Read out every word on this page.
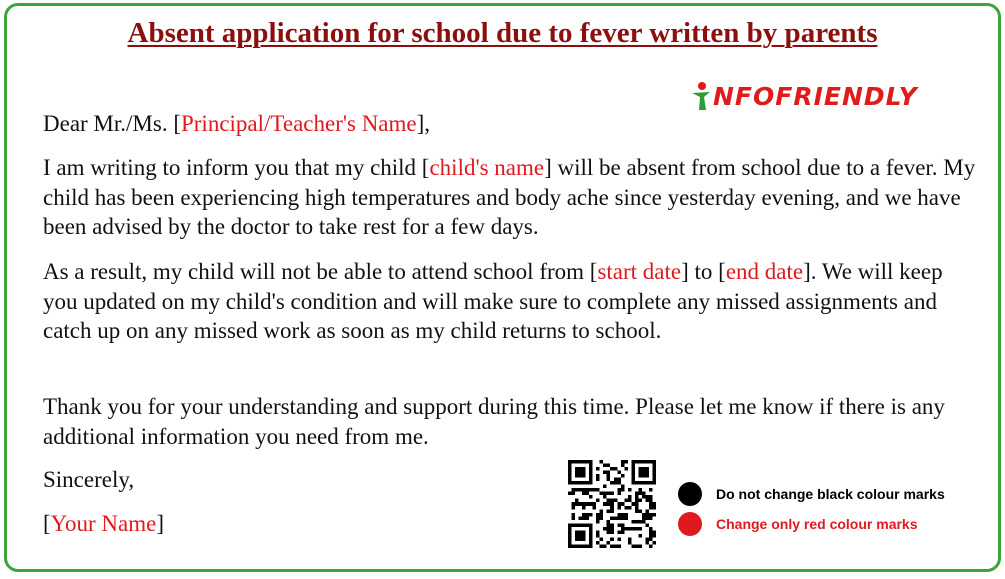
Absent application for school due to fever written by parents
NFOFRIENDLY
Dear Mr./Ms. [Principal/Teacher's Name],
I am writing to inform you that my child [child's name] will be absent from school due to a fever. My child has been experiencing high temperatures and body ache since yesterday evening, and we have been advised by the doctor to take rest for a few days.
As a result, my child will not be able to attend school from [start date] to [end date]. We will keep you updated on my child's condition and will make sure to complete any missed assignments and catch up on any missed work as soon as my child returns to school.
Thank you for your understanding and support during this time. Please let me know if there is any additional information you need from me.
Sincerely,
[Your Name]
Do not change black colour marks
Change only red colour marks
